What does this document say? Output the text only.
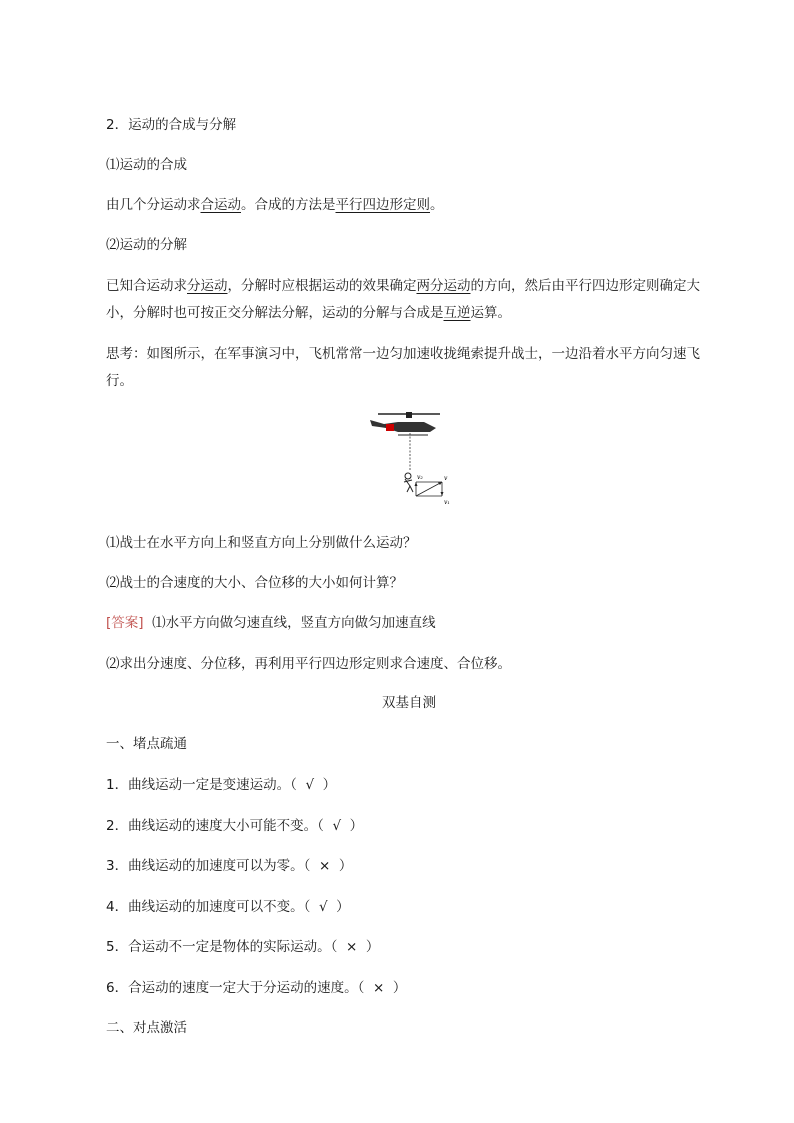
2．运动的合成与分解
⑴运动的合成
由几个分运动求合运动。合成的方法是平行四边形定则。
⑵运动的分解
已知合运动求分运动，分解时应根据运动的效果确定两分运动的方向，然后由平行四边形定则确定大
小，分解时也可按正交分解法分解，运动的分解与合成是互逆运算。
思考：如图所示，在军事演习中，飞机常常一边匀加速收拢绳索提升战士，一边沿着水平方向匀速飞
行。
v₂	v
v₁
⑴战士在水平方向上和竖直方向上分别做什么运动？
⑵战士的合速度的大小、合位移的大小如何计算？
[答案] ⑴水平方向做匀速直线，竖直方向做匀加速直线
⑵求出分速度、分位移，再利用平行四边形定则求合速度、合位移。
双基自测
一、堵点疏通
1．曲线运动一定是变速运动。（ √ ）
2．曲线运动的速度大小可能不变。（ √ ）
3．曲线运动的加速度可以为零。（ × ）
4．曲线运动的加速度可以不变。（ √ ）
5．合运动不一定是物体的实际运动。（ × ）
6．合运动的速度一定大于分运动的速度。（ × ）
二、对点激活
